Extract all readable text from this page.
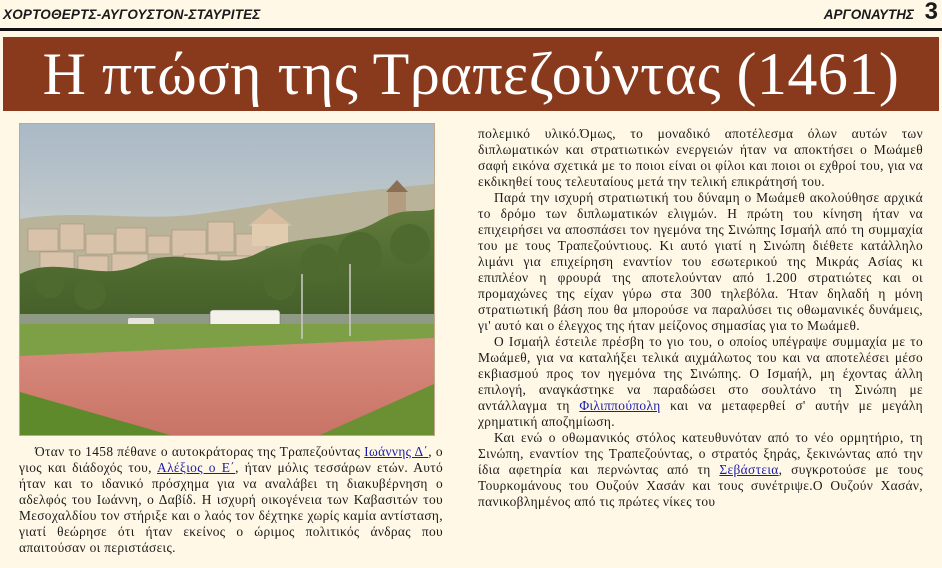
ΧΟΡΤΟΘΕΡΤΣ-ΑΥΓΟΥΣΤΟΝ-ΣΤΑΥΡΙΤΕΣ	ΑΡΓΟΝΑΥΤΗΣ 3
Η πτώση της Τραπεζούντας (1461)

Όταν το 1458 πέθανε ο αυτοκράτορας της Τραπεζούντας Ιωάννης Δ΄, ο γιος και διάδοχός του, Αλέξιος ο Ε΄, ήταν μόλις τεσσάρων ετών. Αυτό ήταν και το ιδανικό πρόσχημα για να αναλάβει τη διακυβέρνηση ο αδελφός του Ιωάννη, ο Δαβίδ. Η ισχυρή οικογένεια των Καβασιτών του Μεσοχαλδίου τον στήριξε και ο λαός τον δέχτηκε χωρίς καμία αντίσταση, γιατί θεώρησε ότι ήταν εκείνος ο ώριμος πολιτικός άνδρας που απαιτούσαν οι περιστάσεις.

πολεμικό υλικό.Όμως, το μοναδικό αποτέλεσμα όλων αυτών των διπλωματικών και στρατιωτικών ενεργειών ήταν να αποκτήσει ο Μωάμεθ σαφή εικόνα σχετικά με το ποιοι είναι οι φίλοι και ποιοι οι εχθροί του, για να εκδικηθεί τους τελευταίους μετά την τελική επικράτησή του.

Παρά την ισχυρή στρατιωτική του δύναμη ο Μωάμεθ ακολούθησε αρχικά το δρόμο των διπλωματικών ελιγμών. Η πρώτη του κίνηση ήταν να επιχειρήσει να αποσπάσει τον ηγεμόνα της Σινώπης Ισμαήλ από τη συμμαχία του με τους Τραπεζούντιους. Κι αυτό γιατί η Σινώπη διέθετε κατάλληλο λιμάνι για επιχείρηση εναντίον του εσωτερικού της Μικράς Ασίας κι επιπλέον η φρουρά της αποτελούνταν από 1.200 στρατιώτες και οι προμαχώνες της είχαν γύρω στα 300 τηλεβόλα. Ήταν δηλαδή η μόνη στρατιωτική βάση που θα μπορούσε να παραλύσει τις οθωμανικές δυνάμεις, γι' αυτό και ο έλεγχος της ήταν μείζονος σημασίας για το Μωάμεθ.

Ο Ισμαήλ έστειλε πρέσβη το γιο του, ο οποίος υπέγραψε συμμαχία με το Μωάμεθ, για να καταλήξει τελικά αιχμάλωτος του και να αποτελέσει μέσο εκβιασμού προς τον ηγεμόνα της Σινώπης. Ο Ισμαήλ, μη έχοντας άλλη επιλογή, αναγκάστηκε να παραδώσει στο σουλτάνο τη Σινώπη με αντάλλαγμα τη Φιλιππούπολη και να μεταφερθεί σ' αυτήν με μεγάλη χρηματική αποζημίωση.

Και ενώ ο οθωμανικός στόλος κατευθυνόταν από το νέο ορμητήριο, τη Σινώπη, εναντίον της Τραπεζούντας, ο στρατός ξηράς, ξεκινώντας από την ίδια αφετηρία και περνώντας από τη Σεβάστεια, συγκροτούσε με τους Τουρκομάνους του Ουζούν Χασάν και τους συνέτριψε.Ο Ουζούν Χασάν, πανικοβλημένος από τις πρώτες νίκες του
